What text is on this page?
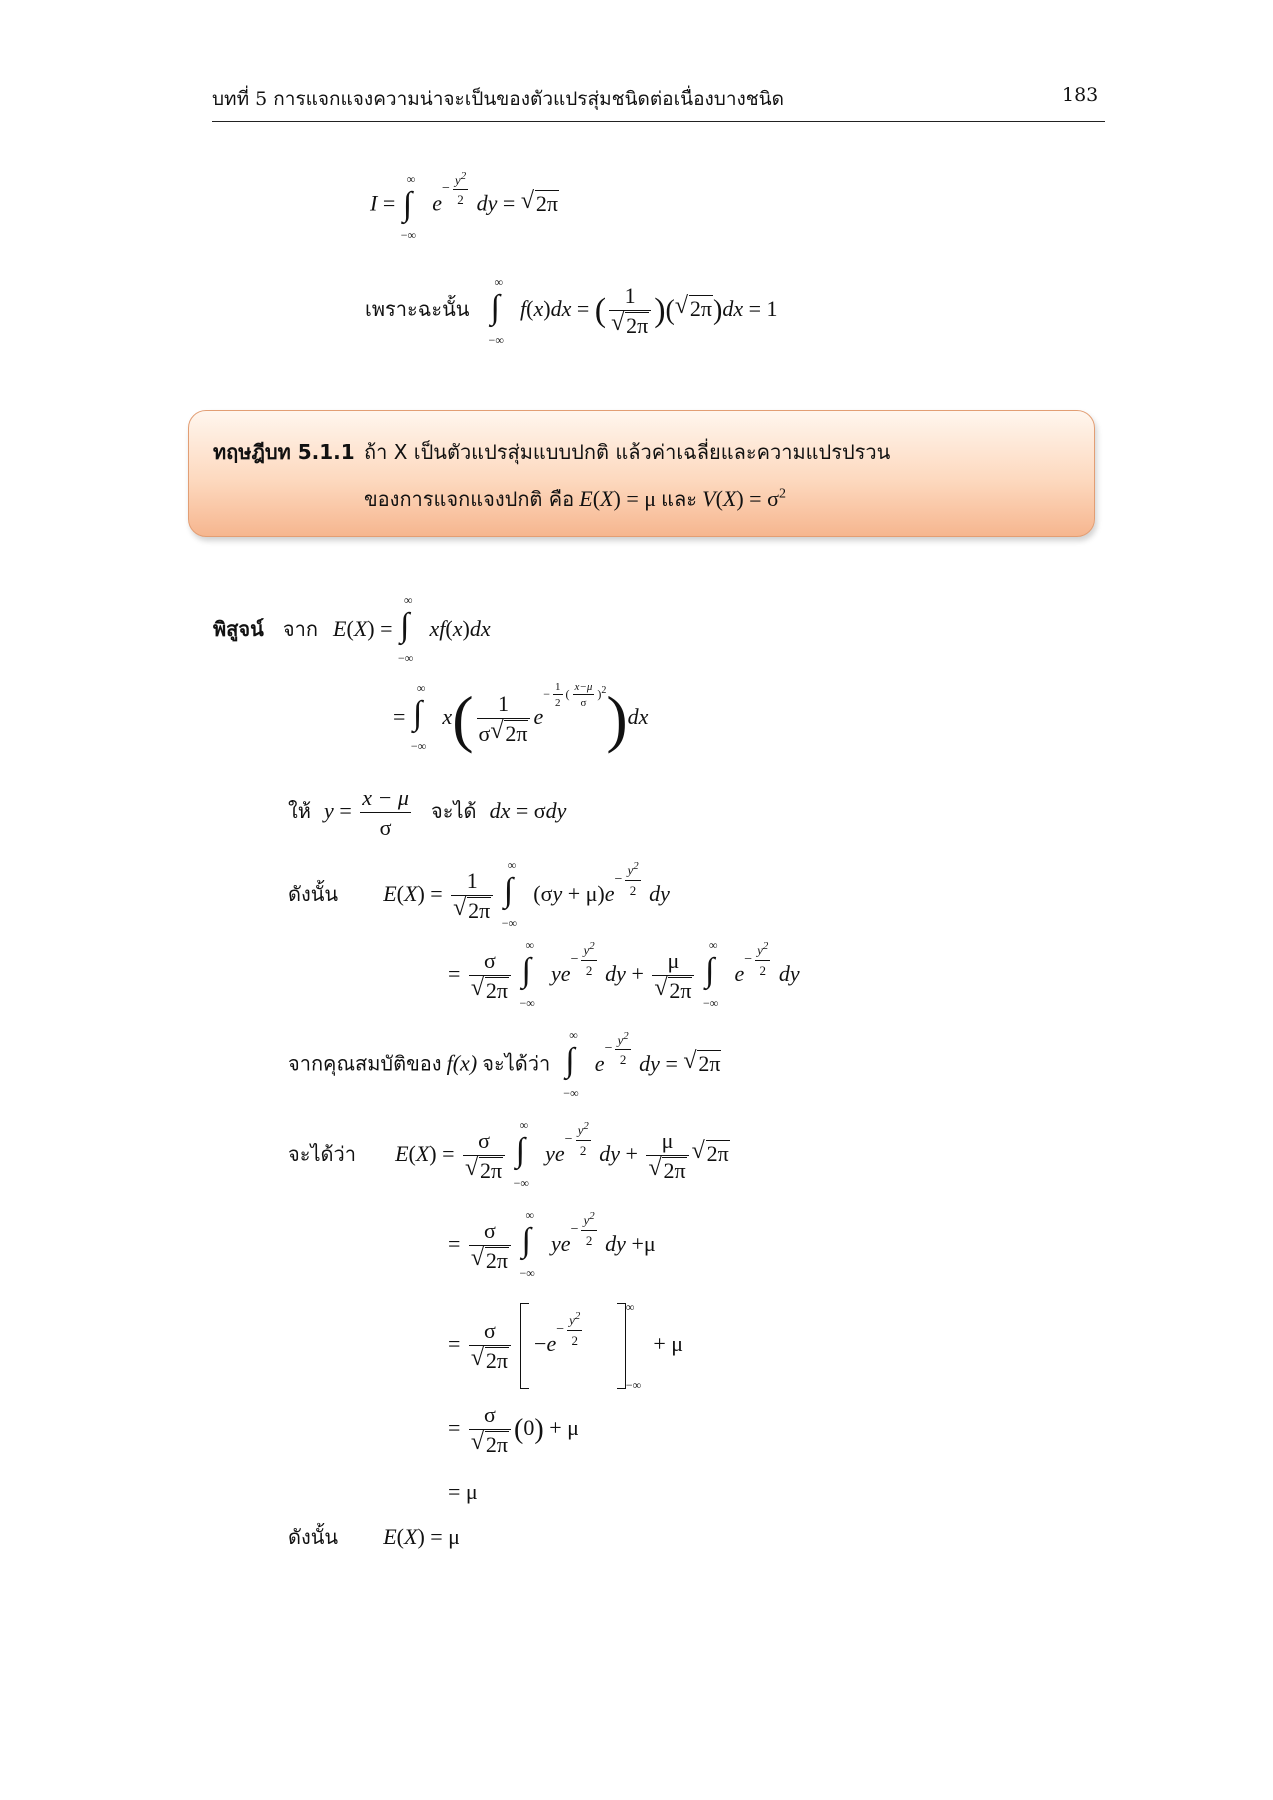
บทที่ 5 การแจกแจงความน่าจะเป็นของตัวแปรสุ่มชนิดต่อเนื่องบางชนิด	183
I =
∞
∫
−∞
$e^{- \frac{y^2}{2}}$ dy = √ 2π
เพราะฉะนั้น
∞
∫
−∞
f(x)dx = ( 1
√ 2π )( √ 2π)dx = 1
ทฤษฎีบท 5.1.1 ถ้า X เป็นตัวแปรสุ่มแบบปกติ แล้วค่าเฉลี่ยและความแปรปรวน
ของการแจกแจงปกติ คือ E(X) = μ และ $V(X) = \sigma^2$
พิสูจน์ จาก E(X) =
∞
∫
−∞
xf(x)dx
=
∞
∫
−∞
$x( \frac{1}{\sigma √ 2\pi} e^{- \frac{1}{2} ( \frac{x-\mu}{\sigma} )^2})dx$
ให้ $y = \frac{x - \mu}{\sigma}$ จะได้ dx = σdy
ดังนั้น E(X) = 1
√ 2π

∞
∫
−∞
$(\sigma y + \mu)e^{- \frac{y^2}{2}}$ dy
= σ
√ 2π

∞
∫
−∞
$ye^{- \frac{y^2}{2}}$ dy + μ
√ 2π

∞
∫
−∞
$e^{- \frac{y^2}{2}}$ dy
จากคุณสมบัติของ f(x) จะได้ว่า
∞
∫
−∞
$e^{- \frac{y^2}{2}}$ dy = √ 2π
จะได้ว่า E(X) = σ
√ 2π

∞
∫
−∞
$ye^{- \frac{y^2}{2}}$ dy + μ
√ 2π √ 2π
= σ
√ 2π

∞
∫
−∞
$ye^{- \frac{y^2}{2}}$ dy +μ
= σ
√ $2\pi -e^{- \frac{y^2}{2}}$

∞
−∞
+ μ
= σ
√ 2π (0) + μ
= μ
ดังนั้น E(X) = μ
